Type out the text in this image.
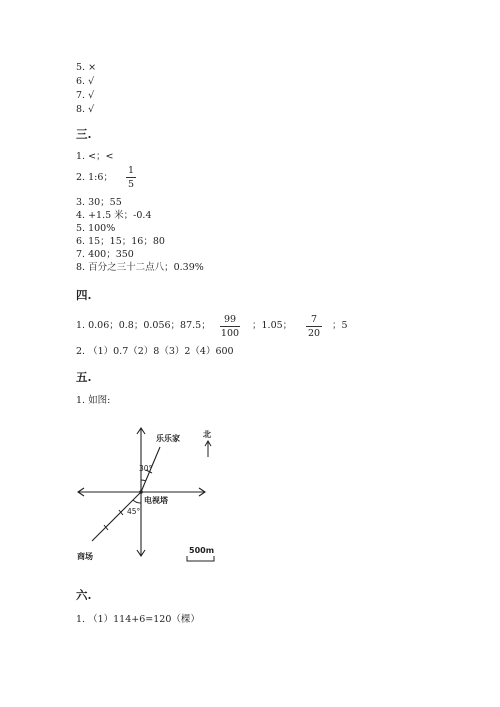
5. ×
6. √
7. √
8. √
三.
1. <；<
2. 1:6；
1
5
3. 30；55
4. +1.5 米；-0.4
5. 100%
6. 15；15；16；80
7. 400；350
8. 百分之三十二点八；0.39%
四.
1. 0.06；0.8；0.056；87.5；
99
100
；1.05；
7
20
；5
2. （1）0.7（2）8（3）2（4）600
五.
1. 如图:
乐乐家
30°
电视塔
45°
商场
北
500m
六.
1. （1）114+6=120（棵）
